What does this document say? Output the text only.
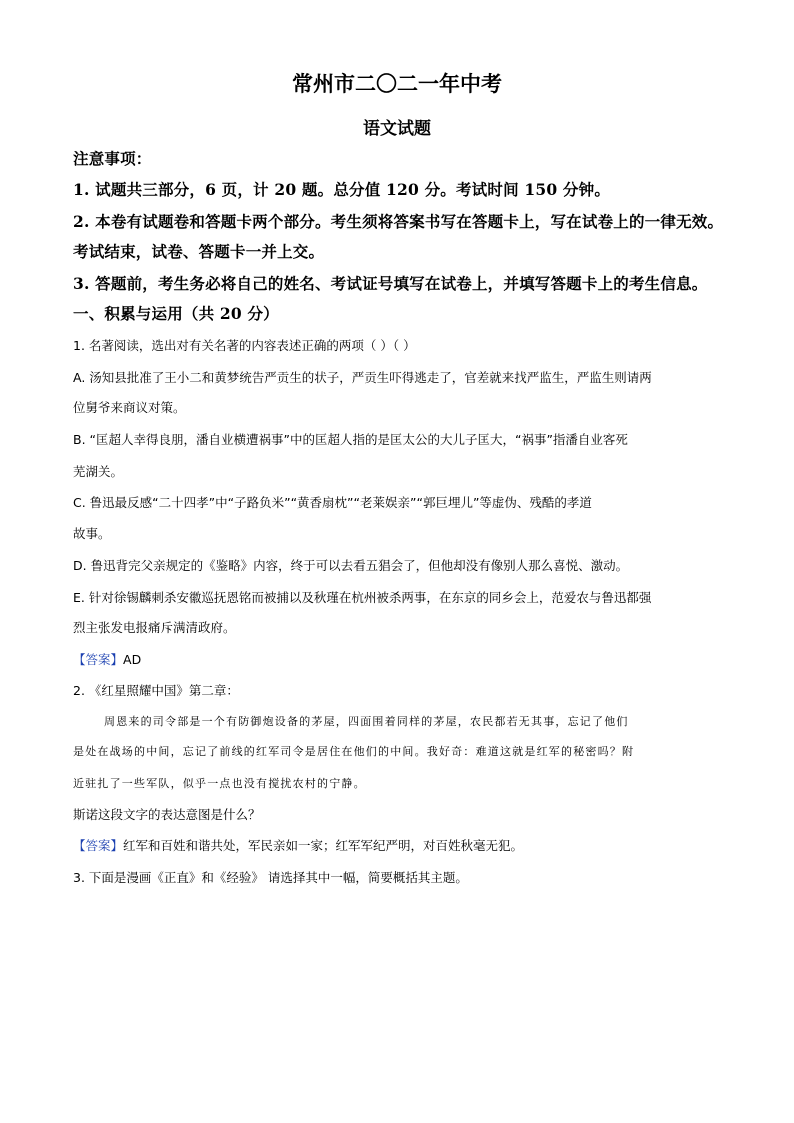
常州市二〇二一年中考
语文试题
注意事项：
1. 试题共三部分，6 页，计 20 题。总分值 120 分。考试时间 150 分钟。
2. 本卷有试题卷和答题卡两个部分。考生须将答案书写在答题卡上，写在试卷上的一律无效。
考试结束，试卷、答题卡一并上交。
3. 答题前，考生务必将自己的姓名、考试证号填写在试卷上，并填写答题卡上的考生信息。
一、积累与运用（共 20 分）
1. 名著阅读，选出对有关名著的内容表述正确的两项（ ）（ ）
A. 汤知县批准了王小二和黄梦统告严贡生的状子，严贡生吓得逃走了，官差就来找严监生，严监生则请两
位舅爷来商议对策。
B. “匡超人幸得良朋，潘自业横遭祸事”中的匡超人指的是匡太公的大儿子匡大，“祸事”指潘自业客死
芜湖关。
C. 鲁迅最反感“二十四孝”中“子路负米”“黄香扇枕”“老莱娱亲”“郭巨埋儿”等虚伪、残酷的孝道
故事。
D. 鲁迅背完父亲规定的《鉴略》内容，终于可以去看五猖会了，但他却没有像别人那么喜悦、激动。
E. 针对徐锡麟刺杀安徽巡抚恩铭而被捕以及秋瑾在杭州被杀两事，在东京的同乡会上，范爱农与鲁迅都强
烈主张发电报痛斥满清政府。
【答案】AD
2. 《红星照耀中国》第二章：
周恩来的司令部是一个有防御炮设备的茅屋，四面围着同样的茅屋，农民都若无其事，忘记了他们
是处在战场的中间，忘记了前线的红军司令是居住在他们的中间。我好奇：难道这就是红军的秘密吗？附
近驻扎了一些军队，似乎一点也没有搅扰农村的宁静。
斯诺这段文字的表达意图是什么？
【答案】红军和百姓和谐共处，军民亲如一家；红军军纪严明，对百姓秋毫无犯。
3. 下面是漫画《正直》和《经验》 请选择其中一幅，简要概括其主题。
